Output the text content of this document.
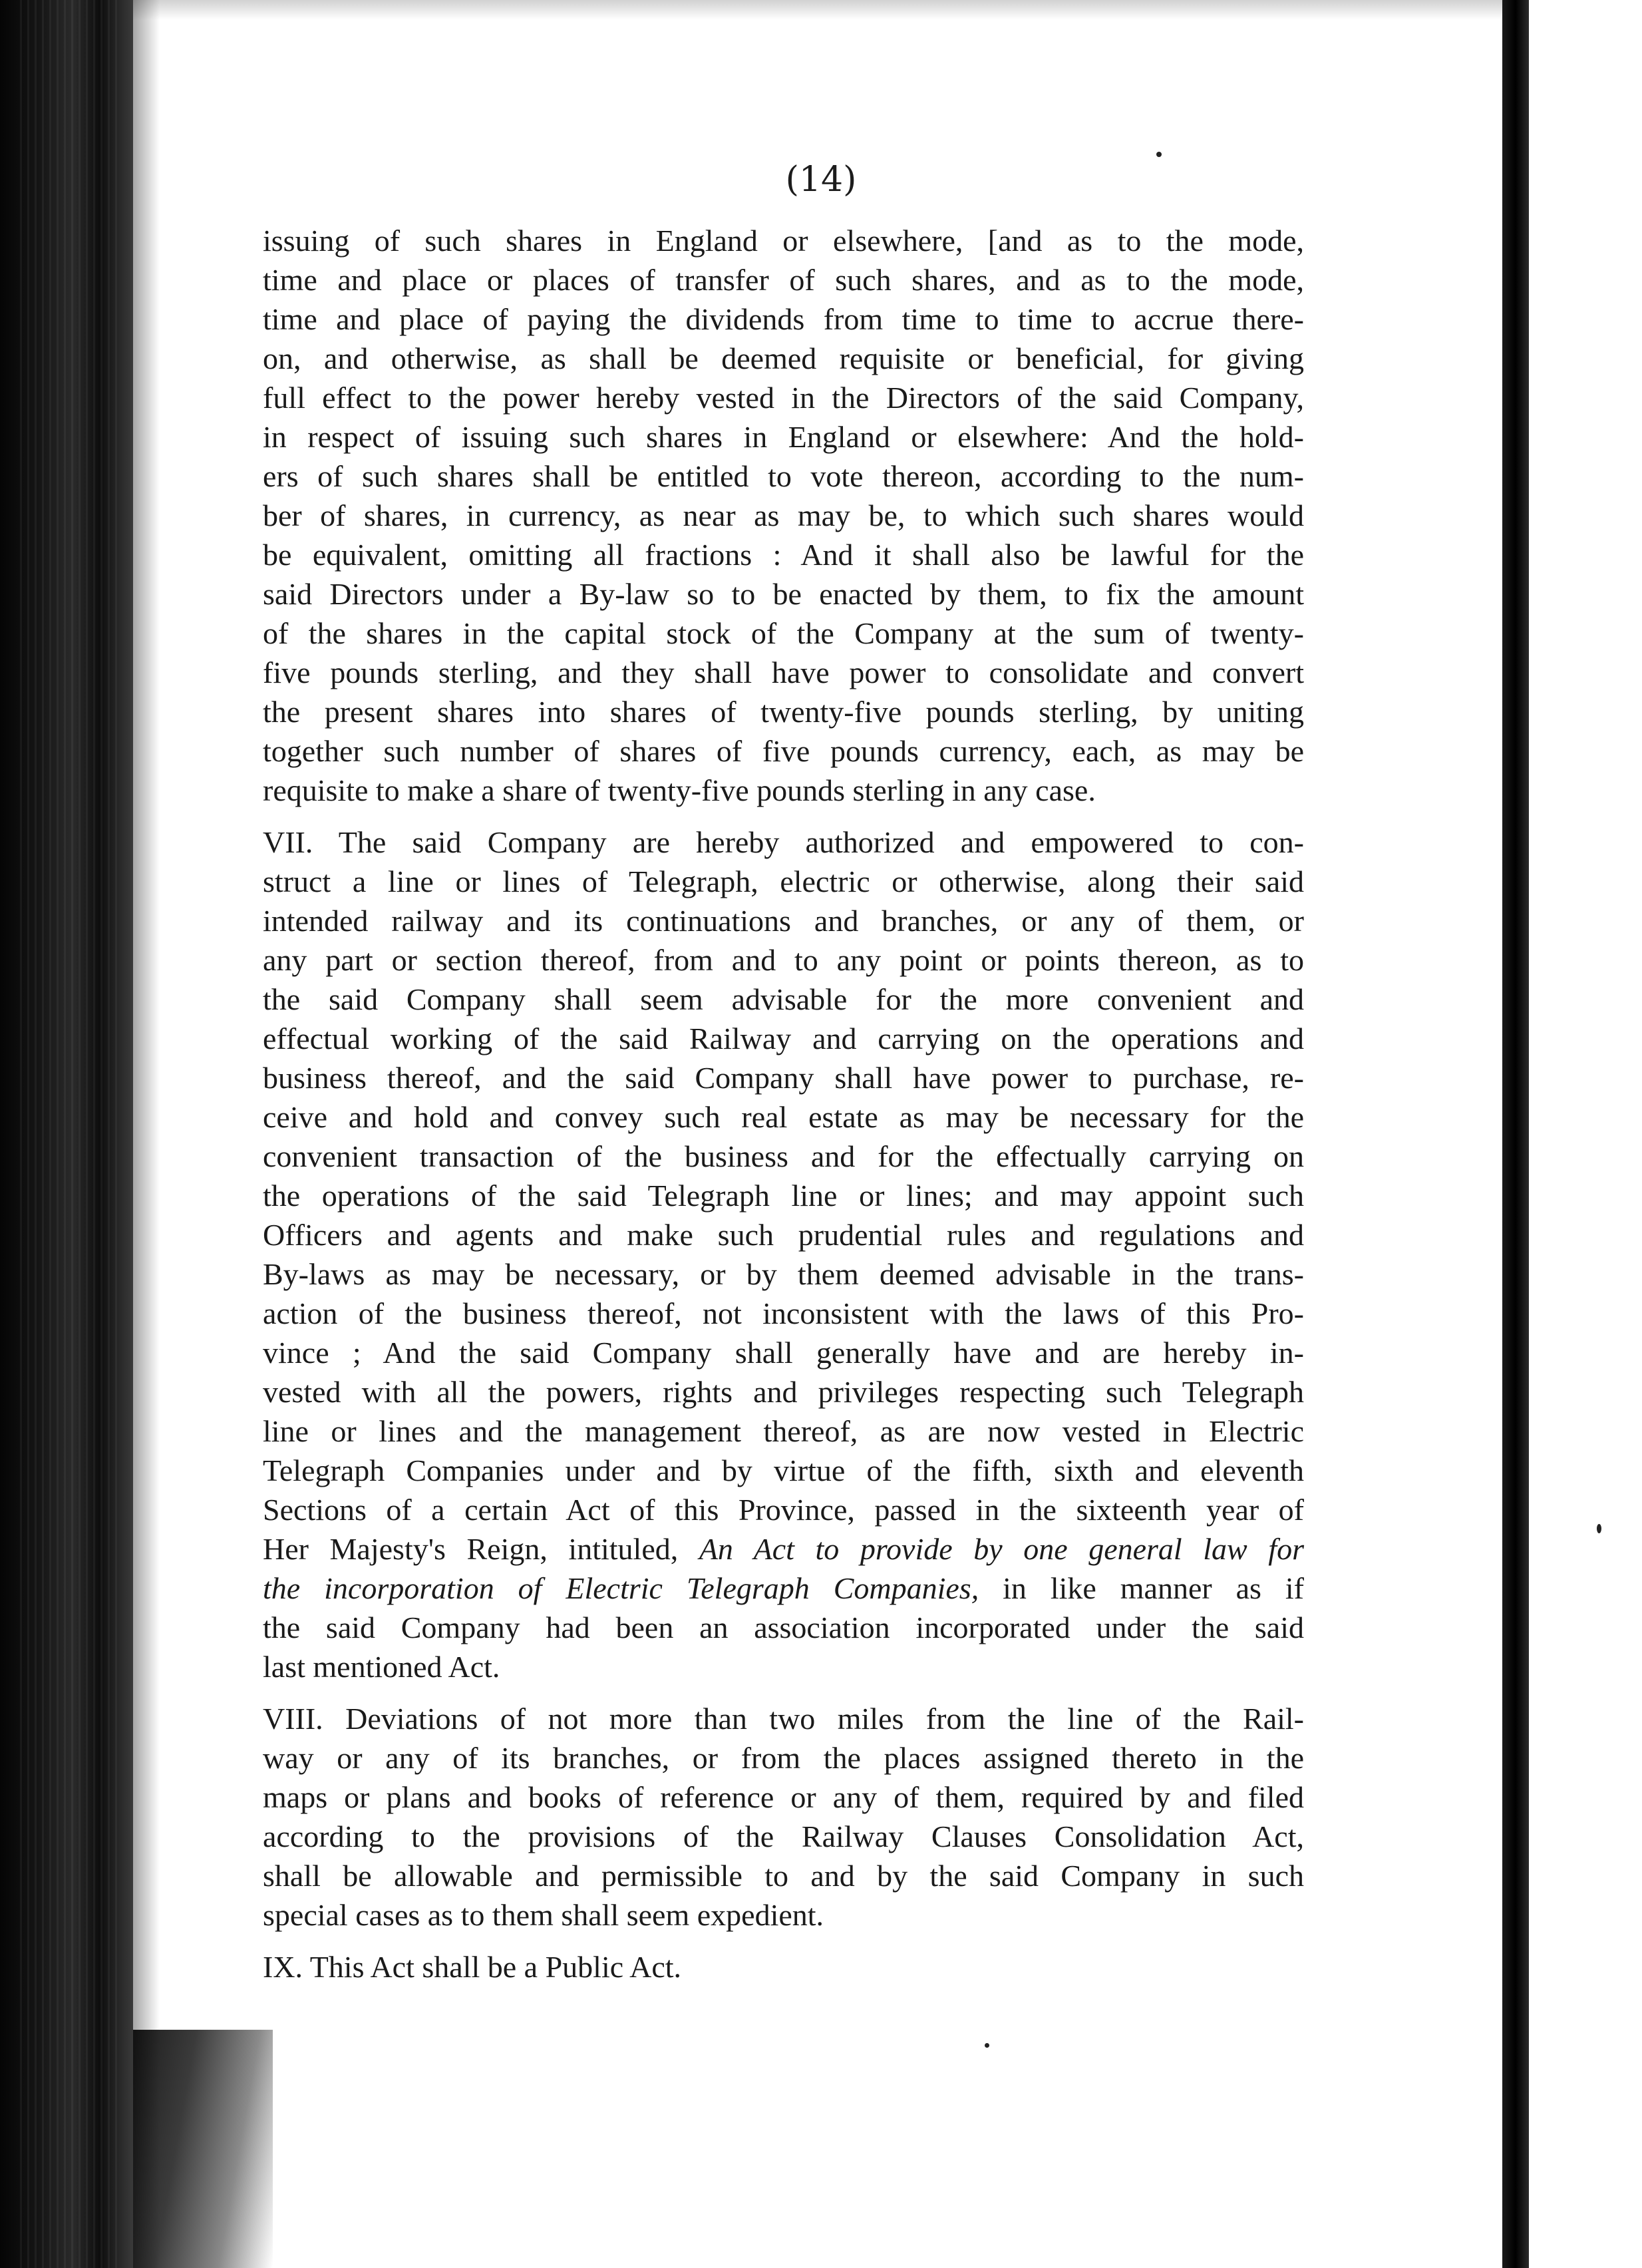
(14)
issuing of such shares in England or elsewhere, [and as to the mode,
time and place or places of transfer of such shares, and as to the mode,
time and place of paying the dividends from time to time to accrue there-
on, and otherwise, as shall be deemed requisite or beneficial, for giving
full effect to the power hereby vested in the Directors of the said Company,
in respect of issuing such shares in England or elsewhere: And the hold-
ers of such shares shall be entitled to vote thereon, according to the num-
ber of shares, in currency, as near as may be, to which such shares would
be equivalent, omitting all fractions : And it shall also be lawful for the
said Directors under a By-law so to be enacted by them, to fix the amount
of the shares in the capital stock of the Company at the sum of twenty-
five pounds sterling, and they shall have power to consolidate and convert
the present shares into shares of twenty-five pounds sterling, by uniting
together such number of shares of five pounds currency, each, as may be
requisite to make a share of twenty-five pounds sterling in any case.
VII. The said Company are hereby authorized and empowered to con-
struct a line or lines of Telegraph, electric or otherwise, along their said
intended railway and its continuations and branches, or any of them, or
any part or section thereof, from and to any point or points thereon, as to
the said Company shall seem advisable for the more convenient and
effectual working of the said Railway and carrying on the operations and
business thereof, and the said Company shall have power to purchase, re-
ceive and hold and convey such real estate as may be necessary for the
convenient transaction of the business and for the effectually carrying on
the operations of the said Telegraph line or lines; and may appoint such
Officers and agents and make such prudential rules and regulations and
By-laws as may be necessary, or by them deemed advisable in the trans-
action of the business thereof, not inconsistent with the laws of this Pro-
vince ; And the said Company shall generally have and are hereby in-
vested with all the powers, rights and privileges respecting such Telegraph
line or lines and the management thereof, as are now vested in Electric
Telegraph Companies under and by virtue of the fifth, sixth and eleventh
Sections of a certain Act of this Province, passed in the sixteenth year of
Her Majesty's Reign, intituled, An Act to provide by one general law for
the incorporation of Electric Telegraph Companies, in like manner as if
the said Company had been an association incorporated under the said
last mentioned Act.
VIII. Deviations of not more than two miles from the line of the Rail-
way or any of its branches, or from the places assigned thereto in the
maps or plans and books of reference or any of them, required by and filed
according to the provisions of the Railway Clauses Consolidation Act,
shall be allowable and permissible to and by the said Company in such
special cases as to them shall seem expedient.
IX. This Act shall be a Public Act.
